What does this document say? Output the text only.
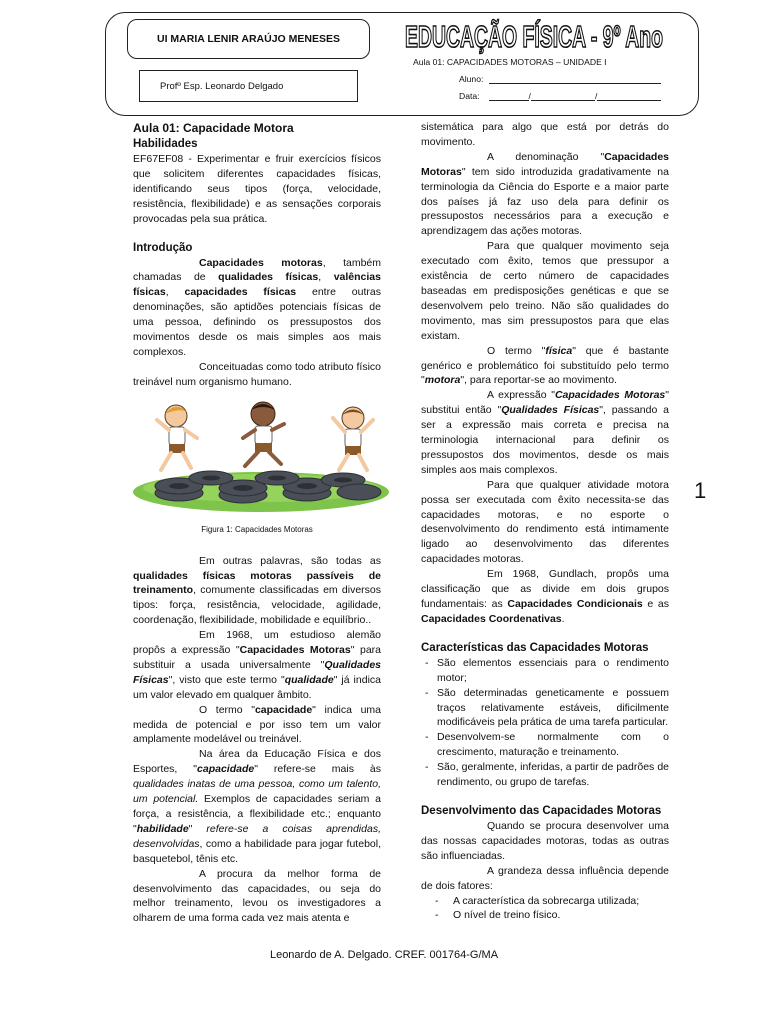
UI MARIA LENIR ARAÚJO MENESES
Profº Esp. Leonardo Delgado
EDUCAÇÃO FÍSICA - 9º Ano
Aula 01: CAPACIDADES MOTORAS – UNIDADE I
Aluno:
Data:	/	/
Aula 01: Capacidade Motora
Habilidades

EF67EF08 - Experimentar e fruir exercícios físicos que solicitem diferentes capacidades físicas, identificando seus tipos (força, velocidade, resistência, flexibilidade) e as sensações corporais provocadas pela sua prática.

Introdução

Capacidades motoras, também chamadas de qualidades físicas, valências físicas, capacidades físicas entre outras denominações, são aptidões potenciais físicas de uma pessoa, definindo os pressupostos dos movimentos desde os mais simples aos mais complexos.

Conceituadas como todo atributo físico treinável num organismo humano.

Figura 1: Capacidades Motoras

Em outras palavras, são todas as qualidades físicas motoras passíveis de treinamento, comumente classificadas em diversos tipos: força, resistência, velocidade, agilidade, coordenação, flexibilidade, mobilidade e equilíbrio..

Em 1968, um estudioso alemão propôs a expressão "Capacidades Motoras" para substituir a usada universalmente "Qualidades Físicas", visto que este termo "qualidade" já indica um valor elevado em qualquer âmbito.

O termo "capacidade" indica uma medida de potencial e por isso tem um valor amplamente modelável ou treinável.

Na área da Educação Física e dos Esportes, "capacidade" refere-se mais às qualidades inatas de uma pessoa, como um talento, um potencial. Exemplos de capacidades seriam a força, a resistência, a flexibilidade etc.; enquanto "habilidade" refere-se a coisas aprendidas, desenvolvidas, como a habilidade para jogar futebol, basquetebol, tênis etc.

A procura da melhor forma de desenvolvimento das capacidades, ou seja do melhor treinamento, levou os investigadores a olharem de uma forma cada vez mais atenta e

sistemática para algo que está por detrás do movimento.

A denominação "Capacidades Motoras" tem sido introduzida gradativamente na terminologia da Ciência do Esporte e a maior parte dos países já faz uso dela para definir os pressupostos necessários para a execução e aprendizagem das ações motoras.

Para que qualquer movimento seja executado com êxito, temos que pressupor a existência de certo número de capacidades baseadas em predisposições genéticas e que se desenvolvem pelo treino. Não são qualidades do movimento, mas sim pressupostos para que elas existam.

O termo "física" que é bastante genérico e problemático foi substituído pelo termo "motora", para reportar-se ao movimento.

A expressão "Capacidades Motoras" substitui então "Qualidades Físicas", passando a ser a expressão mais correta e precisa na terminologia internacional para definir os pressupostos dos movimentos, desde os mais simples aos mais complexos.

Para que qualquer atividade motora possa ser executada com êxito necessita-se das capacidades motoras, e no esporte o desenvolvimento do rendimento está intimamente ligado ao desenvolvimento das diferentes capacidades motoras.

Em 1968, Gundlach, propôs uma classificação que as divide em dois grupos fundamentais: as Capacidades Condicionais e as Capacidades Coordenativas.

Características das Capacidades Motoras
- São elementos essenciais para o rendimento motor;
- São determinadas geneticamente e possuem traços relativamente estáveis, dificilmente modificáveis pela prática de uma tarefa particular.
- Desenvolvem-se normalmente com o crescimento, maturação e treinamento.
- São, geralmente, inferidas, a partir de padrões de rendimento, ou grupo de tarefas.
Desenvolvimento das Capacidades Motoras

Quando se procura desenvolver uma das nossas capacidades motoras, todas as outras são influenciadas.

A grandeza dessa influência depende de dois fatores:

- A característica da sobrecarga utilizada;
- O nível de treino físico.
1
Leonardo de A. Delgado. CREF. 001764-G/MA
